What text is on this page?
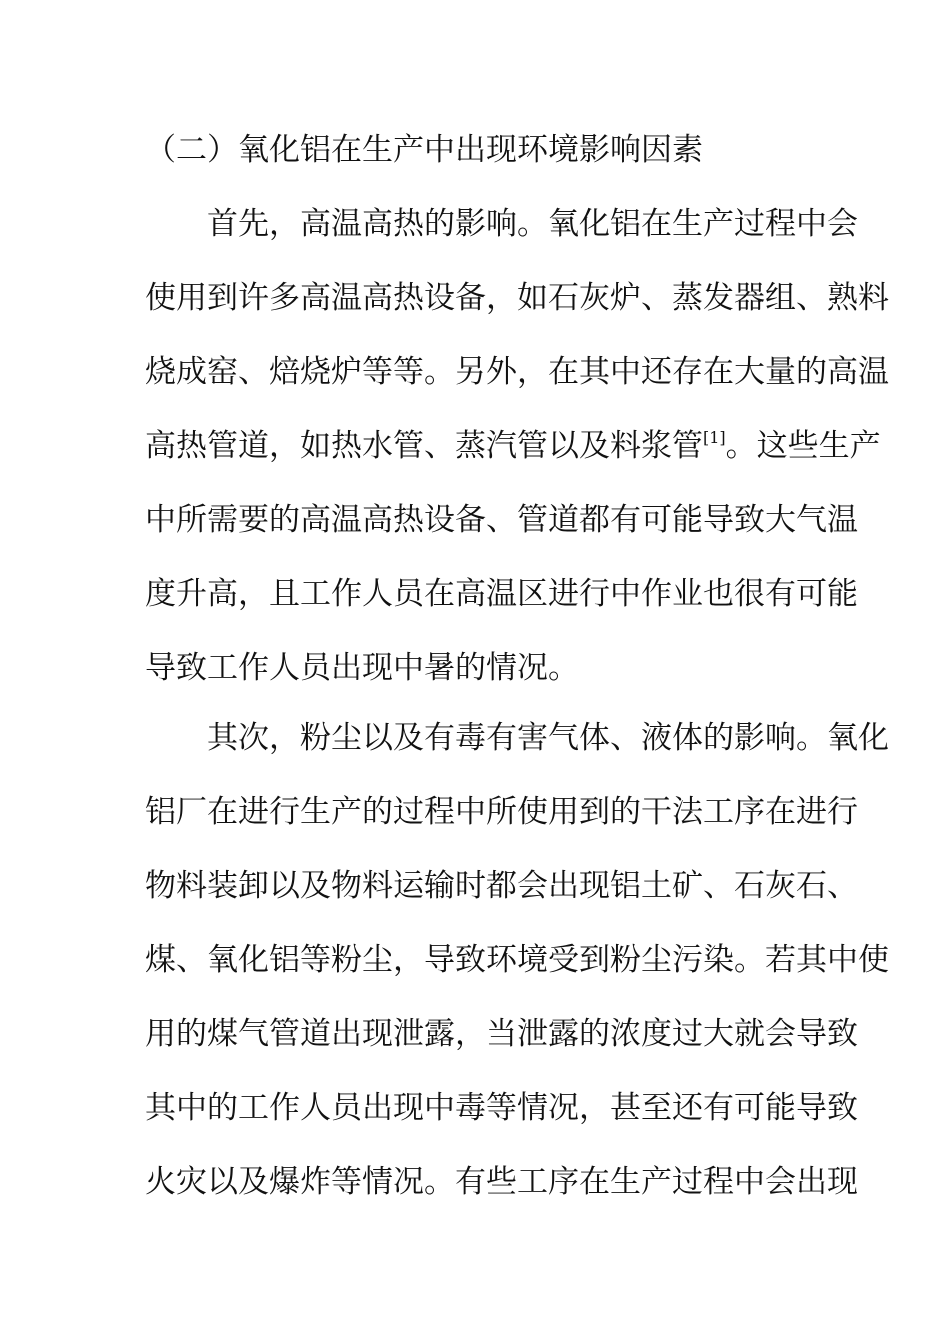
（二）氧化铝在生产中出现环境影响因素
首先，高温高热的影响。氧化铝在生产过程中会
使用到许多高温高热设备，如石灰炉、蒸发器组、熟料
烧成窑、焙烧炉等等。另外，在其中还存在大量的高温
高热管道，如热水管、蒸汽管以及料浆管[1]。这些生产
中所需要的高温高热设备、管道都有可能导致大气温
度升高，且工作人员在高温区进行中作业也很有可能
导致工作人员出现中暑的情况。
其次，粉尘以及有毒有害气体、液体的影响。氧化
铝厂在进行生产的过程中所使用到的干法工序在进行
物料装卸以及物料运输时都会出现铝土矿、石灰石、
煤、氧化铝等粉尘，导致环境受到粉尘污染。若其中使
用的煤气管道出现泄露，当泄露的浓度过大就会导致
其中的工作人员出现中毒等情况，甚至还有可能导致
火灾以及爆炸等情况。有些工序在生产过程中会出现
